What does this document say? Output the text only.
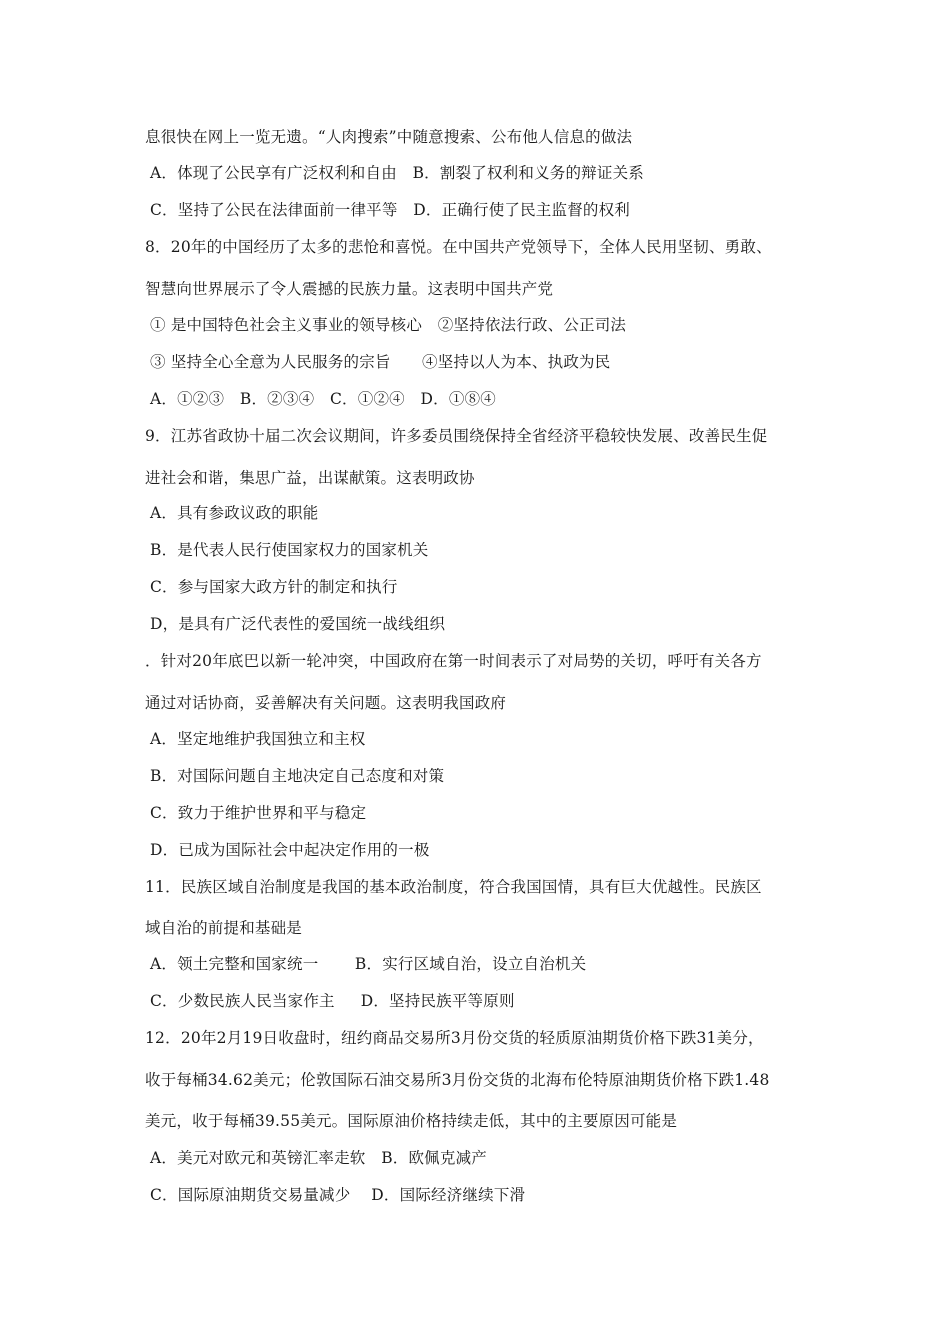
息很快在网上一览无遗。“人肉搜索”中随意搜索、公布他人信息的做法
A．体现了公民享有广泛权利和自由　B．割裂了权利和义务的辩证关系
C．坚持了公民在法律面前一律平等　D．正确行使了民主监督的权利
8．20年的中国经历了太多的悲怆和喜悦。在中国共产党领导下，全体人民用坚韧、勇敢、
智慧向世界展示了令人震撼的民族力量。这表明中国共产党
① 是中国特色社会主义事业的领导核心　②坚持依法行政、公正司法
③ 坚持全心全意为人民服务的宗旨　　④坚持以人为本、执政为民
A．①②③　B．②③④　C．①②④　D．①⑧④
9．江苏省政协十届二次会议期间，许多委员围绕保持全省经济平稳较快发展、改善民生促
进社会和谐，集思广益，出谋献策。这表明政协
A．具有参政议政的职能
B．是代表人民行使国家权力的国家机关
C．参与国家大政方针的制定和执行
D，是具有广泛代表性的爱国统一战线组织
．针对20年底巴以新一轮冲突，中国政府在第一时间表示了对局势的关切，呼吁有关各方
通过对话协商，妥善解决有关问题。这表明我国政府
A．坚定地维护我国独立和主权
B．对国际问题自主地决定自己态度和对策
C．致力于维护世界和平与稳定
D．已成为国际社会中起决定作用的一极
11．民族区域自治制度是我国的基本政治制度，符合我国国情，具有巨大优越性。民族区
域自治的前提和基础是
A．领土完整和国家统一　　 B．实行区域自治，设立自治机关
C．少数民族人民当家作主　  D．坚持民族平等原则
12．20年2月19日收盘时，纽约商品交易所3月份交货的轻质原油期货价格下跌31美分，
收于每桶34.62美元；伦敦国际石油交易所3月份交货的北海布伦特原油期货价格下跌1.48
美元，收于每桶39.55美元。国际原油价格持续走低，其中的主要原因可能是
A．美元对欧元和英镑汇率走软　B．欧佩克减产
C．国际原油期货交易量减少　 D．国际经济继续下滑
